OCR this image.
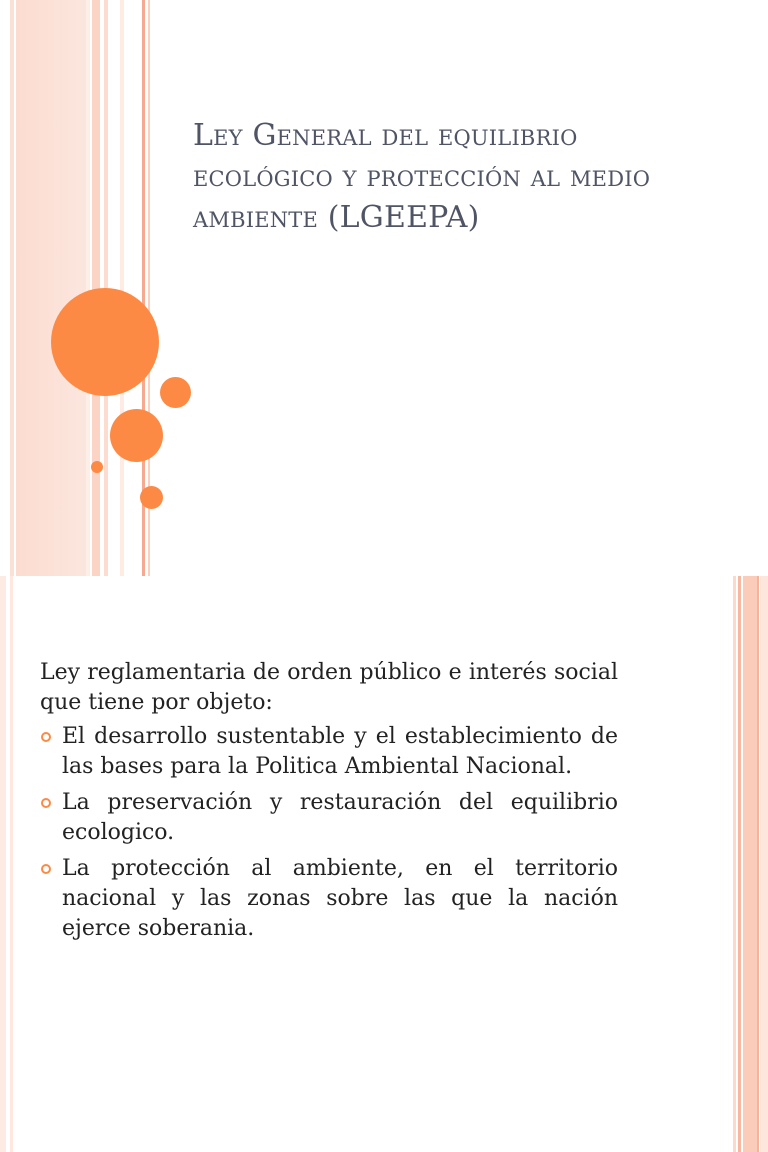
Ley General del equilibrio ecológico y protección al medio ambiente (LGEEPA)

Ley reglamentaria de orden público e interés social que tiene por objeto:

El desarrollo sustentable y el establecimiento de las bases para la Politica Ambiental Nacional.
La preservación y restauración del equilibrio ecologico.
La protección al ambiente, en el territorio nacional y las zonas sobre las que la nación ejerce soberania.
